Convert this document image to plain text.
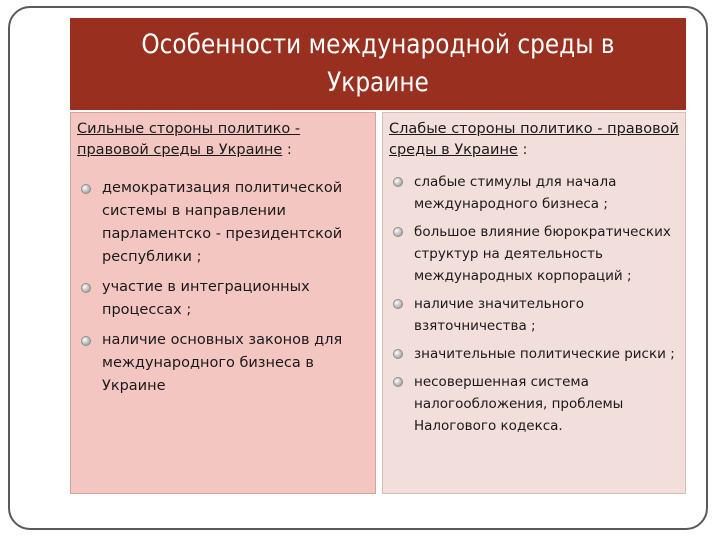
Особенности международной среды в Украине
Сильные стороны политико - правовой среды в Украине :
демократизация политической системы в направлении парламентско - президентской республики ;
участие в интеграционных процессах ;
наличие основных законов для международного бизнеса в Украине
Слабые стороны политико - правовой среды в Украине :
слабые стимулы для начала международного бизнеса ;
большое влияние бюрократических структур на деятельность международных корпораций ;
наличие значительного взяточничества ;
значительные политические риски ;
несовершенная система налогообложения, проблемы Налогового кодекса.
